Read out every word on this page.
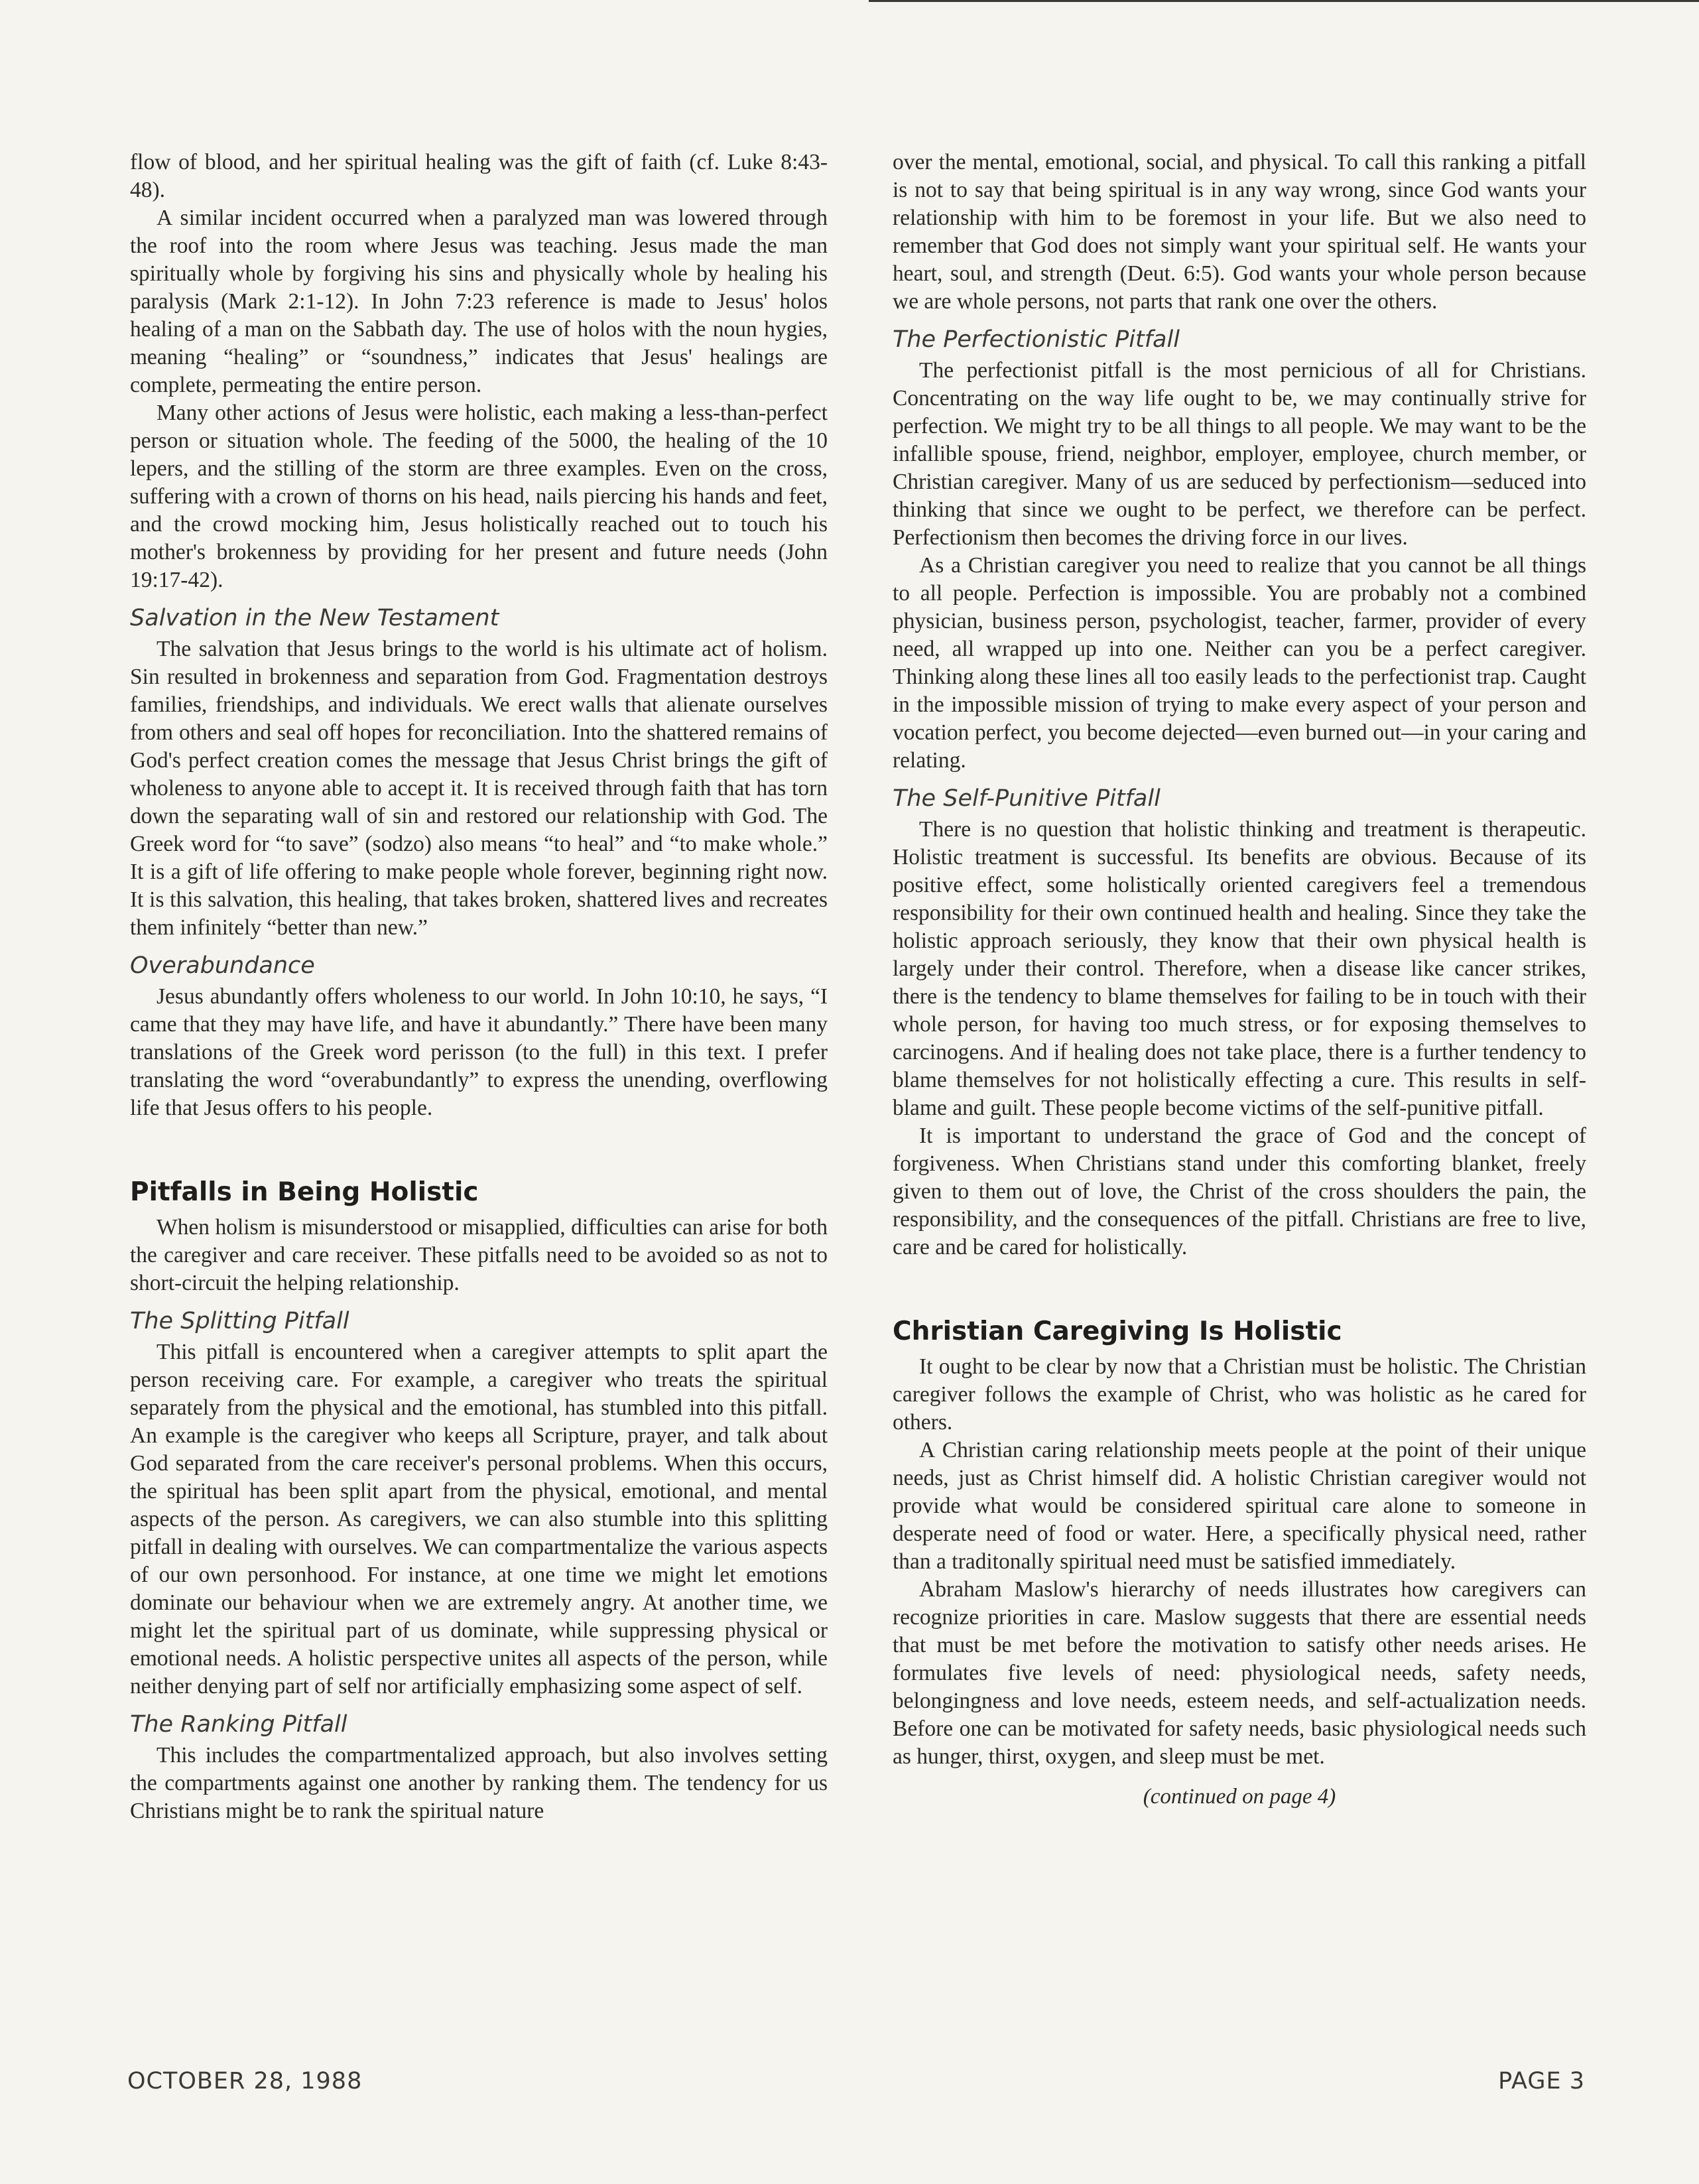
flow of blood, and her spiritual healing was the gift of faith (cf. Luke 8:43-48).

A similar incident occurred when a paralyzed man was lowered through the roof into the room where Jesus was teaching. Jesus made the man spiritually whole by forgiving his sins and physically whole by healing his paralysis (Mark 2:1-12). In John 7:23 reference is made to Jesus' holos healing of a man on the Sabbath day. The use of holos with the noun hygies, meaning “healing” or “soundness,” indicates that Jesus' healings are complete, permeating the entire person.

Many other actions of Jesus were holistic, each making a less-than-perfect person or situation whole. The feeding of the 5000, the healing of the 10 lepers, and the stilling of the storm are three examples. Even on the cross, suffering with a crown of thorns on his head, nails piercing his hands and feet, and the crowd mocking him, Jesus holistically reached out to touch his mother's brokenness by providing for her present and future needs (John 19:17-42).

Salvation in the New Testament

The salvation that Jesus brings to the world is his ultimate act of holism. Sin resulted in brokenness and separation from God. Fragmentation destroys families, friendships, and individuals. We erect walls that alienate ourselves from others and seal off hopes for reconciliation. Into the shattered remains of God's perfect creation comes the message that Jesus Christ brings the gift of wholeness to anyone able to accept it. It is received through faith that has torn down the separating wall of sin and restored our relationship with God. The Greek word for “to save” (sodzo) also means “to heal” and “to make whole.” It is a gift of life offering to make people whole forever, beginning right now. It is this salvation, this healing, that takes broken, shattered lives and recreates them infinitely “better than new.”

Overabundance

Jesus abundantly offers wholeness to our world. In John 10:10, he says, “I came that they may have life, and have it abundantly.” There have been many translations of the Greek word perisson (to the full) in this text. I prefer translating the word “overabundantly” to express the unending, overflowing life that Jesus offers to his people.

Pitfalls in Being Holistic

When holism is misunderstood or misapplied, difficulties can arise for both the caregiver and care receiver. These pitfalls need to be avoided so as not to short-circuit the helping relationship.

The Splitting Pitfall

This pitfall is encountered when a caregiver attempts to split apart the person receiving care. For example, a caregiver who treats the spiritual separately from the physical and the emotional, has stumbled into this pitfall. An example is the caregiver who keeps all Scripture, prayer, and talk about God separated from the care receiver's personal problems. When this occurs, the spiritual has been split apart from the physical, emotional, and mental aspects of the person. As caregivers, we can also stumble into this splitting pitfall in dealing with ourselves. We can compartmentalize the various aspects of our own personhood. For instance, at one time we might let emotions dominate our behaviour when we are extremely angry. At another time, we might let the spiritual part of us dominate, while suppressing physical or emotional needs. A holistic perspective unites all aspects of the person, while neither denying part of self nor artificially emphasizing some aspect of self.

The Ranking Pitfall

This includes the compartmentalized approach, but also involves setting the compartments against one another by ranking them. The tendency for us Christians might be to rank the spiritual nature

over the mental, emotional, social, and physical. To call this ranking a pitfall is not to say that being spiritual is in any way wrong, since God wants your relationship with him to be foremost in your life. But we also need to remember that God does not simply want your spiritual self. He wants your heart, soul, and strength (Deut. 6:5). God wants your whole person because we are whole persons, not parts that rank one over the others.

The Perfectionistic Pitfall

The perfectionist pitfall is the most pernicious of all for Christians. Concentrating on the way life ought to be, we may continually strive for perfection. We might try to be all things to all people. We may want to be the infallible spouse, friend, neighbor, employer, employee, church member, or Christian caregiver. Many of us are seduced by perfectionism—seduced into thinking that since we ought to be perfect, we therefore can be perfect. Perfectionism then becomes the driving force in our lives.

As a Christian caregiver you need to realize that you cannot be all things to all people. Perfection is impossible. You are probably not a combined physician, business person, psychologist, teacher, farmer, provider of every need, all wrapped up into one. Neither can you be a perfect caregiver. Thinking along these lines all too easily leads to the perfectionist trap. Caught in the impossible mission of trying to make every aspect of your person and vocation perfect, you become dejected—even burned out—in your caring and relating.

The Self-Punitive Pitfall

There is no question that holistic thinking and treatment is therapeutic. Holistic treatment is successful. Its benefits are obvious. Because of its positive effect, some holistically oriented caregivers feel a tremendous responsibility for their own continued health and healing. Since they take the holistic approach seriously, they know that their own physical health is largely under their control. Therefore, when a disease like cancer strikes, there is the tendency to blame themselves for failing to be in touch with their whole person, for having too much stress, or for exposing themselves to carcinogens. And if healing does not take place, there is a further tendency to blame themselves for not holistically effecting a cure. This results in self-blame and guilt. These people become victims of the self-punitive pitfall.

It is important to understand the grace of God and the concept of forgiveness. When Christians stand under this comforting blanket, freely given to them out of love, the Christ of the cross shoulders the pain, the responsibility, and the consequences of the pitfall. Christians are free to live, care and be cared for holistically.

Christian Caregiving Is Holistic

It ought to be clear by now that a Christian must be holistic. The Christian caregiver follows the example of Christ, who was holistic as he cared for others.

A Christian caring relationship meets people at the point of their unique needs, just as Christ himself did. A holistic Christian caregiver would not provide what would be considered spiritual care alone to someone in desperate need of food or water. Here, a specifically physical need, rather than a traditonally spiritual need must be satisfied immediately.

Abraham Maslow's hierarchy of needs illustrates how caregivers can recognize priorities in care. Maslow suggests that there are essential needs that must be met before the motivation to satisfy other needs arises. He formulates five levels of need: physiological needs, safety needs, belongingness and love needs, esteem needs, and self-actualization needs. Before one can be motivated for safety needs, basic physiological needs such as hunger, thirst, oxygen, and sleep must be met.

(continued on page 4)

OCTOBER 28, 1988	PAGE 3
